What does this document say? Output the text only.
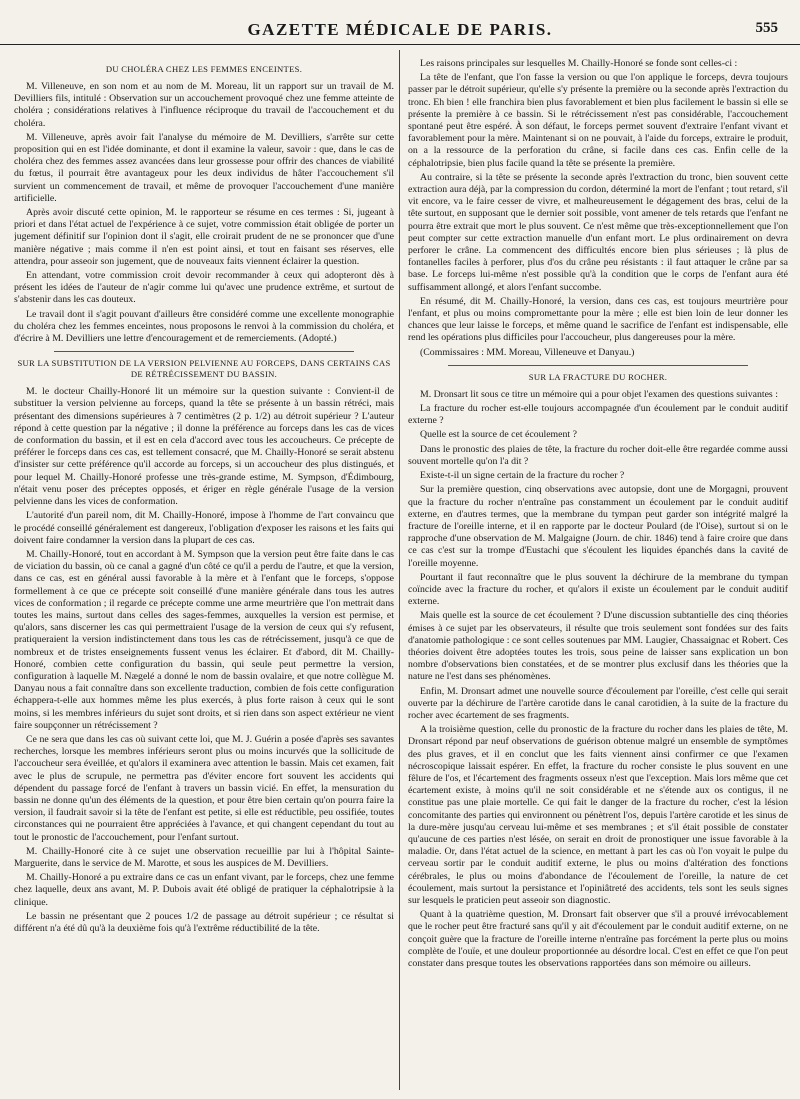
GAZETTE MÉDICALE DE PARIS.	555
DU CHOLÉRA CHEZ LES FEMMES ENCEINTES.

M. Villeneuve, en son nom et au nom de M. Moreau, lit un rapport sur un travail de M. Devilliers fils, intitulé : Observation sur un accouchement provoqué chez une femme atteinte de choléra ; considérations relatives à l'influence réciproque du travail de l'accouchement et du choléra.

M. Villeneuve, après avoir fait l'analyse du mémoire de M. Devilliers, s'arrête sur cette proposition qui en est l'idée dominante, et dont il examine la valeur, savoir : que, dans le cas de choléra chez des femmes assez avancées dans leur grossesse pour offrir des chances de viabilité du fœtus, il pourrait être avantageux pour les deux individus de hâter l'accouchement s'il survient un commencement de travail, et même de provoquer l'accouchement d'une manière artificielle.

Après avoir discuté cette opinion, M. le rapporteur se résume en ces termes : Si, jugeant à priori et dans l'état actuel de l'expérience à ce sujet, votre commission était obligée de porter un jugement définitif sur l'opinion dont il s'agit, elle croirait prudent de ne se prononcer que d'une manière négative ; mais comme il n'en est point ainsi, et tout en faisant ses réserves, elle attendra, pour asseoir son jugement, que de nouveaux faits viennent éclairer la question.

En attendant, votre commission croit devoir recommander à ceux qui adopteront dès à présent les idées de l'auteur de n'agir comme lui qu'avec une prudence extrême, et surtout de s'abstenir dans les cas douteux.

Le travail dont il s'agit pouvant d'ailleurs être considéré comme une excellente monographie du choléra chez les femmes enceintes, nous proposons le renvoi à la commission du choléra, et d'écrire à M. Devilliers une lettre d'encouragement et de remerciements. (Adopté.)

SUR LA SUBSTITUTION DE LA VERSION PELVIENNE AU FORCEPS, DANS CERTAINS CAS DE RÉTRÉCISSEMENT DU BASSIN.

M. le docteur Chailly-Honoré lit un mémoire sur la question suivante : Convient-il de substituer la version pelvienne au forceps, quand la tête se présente à un bassin rétréci, mais présentant des dimensions supérieures à 7 centimètres (2 p. 1/2) au détroit supérieur ? L'auteur répond à cette question par la négative ; il donne la préférence au forceps dans les cas de vices de conformation du bassin, et il est en cela d'accord avec tous les accoucheurs. Ce précepte de préférer le forceps dans ces cas, est tellement consacré, que M. Chailly-Honoré se serait abstenu d'insister sur cette préférence qu'il accorde au forceps, si un accoucheur des plus distingués, et pour lequel M. Chailly-Honoré professe une très-grande estime, M. Sympson, d'Édimbourg, n'était venu poser des préceptes opposés, et ériger en règle générale l'usage de la version pelvienne dans les vices de conformation.

L'autorité d'un pareil nom, dit M. Chailly-Honoré, impose à l'homme de l'art convaincu que le procédé conseillé généralement est dangereux, l'obligation d'exposer les raisons et les faits qui doivent faire condamner la version dans la plupart de ces cas.

M. Chailly-Honoré, tout en accordant à M. Sympson que la version peut être faite dans le cas de viciation du bassin, où ce canal a gagné d'un côté ce qu'il a perdu de l'autre, et que la version, dans ce cas, est en général aussi favorable à la mère et à l'enfant que le forceps, s'oppose formellement à ce que ce précepte soit conseillé d'une manière générale dans tous les autres vices de conformation ; il regarde ce précepte comme une arme meurtrière que l'on mettrait dans toutes les mains, surtout dans celles des sages-femmes, auxquelles la version est permise, et qu'alors, sans discerner les cas qui permettraient l'usage de la version de ceux qui s'y refusent, pratiqueraient la version indistinctement dans tous les cas de rétrécissement, jusqu'à ce que de nombreux et de tristes enseignements fussent venus les éclairer. Et d'abord, dit M. Chailly-Honoré, combien cette configuration du bassin, qui seule peut permettre la version, configuration à laquelle M. Nægelé a donné le nom de bassin ovalaire, et que notre collègue M. Danyau nous a fait connaître dans son excellente traduction, combien de fois cette configuration échappera-t-elle aux hommes même les plus exercés, à plus forte raison à ceux qui le sont moins, si les membres inférieurs du sujet sont droits, et si rien dans son aspect extérieur ne vient faire soupçonner un rétrécissement ?

Ce ne sera que dans les cas où suivant cette loi, que M. J. Guérin a posée d'après ses savantes recherches, lorsque les membres inférieurs seront plus ou moins incurvés que la sollicitude de l'accoucheur sera éveillée, et qu'alors il examinera avec attention le bassin. Mais cet examen, fait avec le plus de scrupule, ne permettra pas d'éviter encore fort souvent les accidents qui dépendent du passage forcé de l'enfant à travers un bassin vicié. En effet, la mensuration du bassin ne donne qu'un des éléments de la question, et pour être bien certain qu'on pourra faire la version, il faudrait savoir si la tête de l'enfant est petite, si elle est réductible, peu ossifiée, toutes circonstances qui ne pourraient être appréciées à l'avance, et qui changent cependant du tout au tout le pronostic de l'accouchement, pour l'enfant surtout.

M. Chailly-Honoré cite à ce sujet une observation recueillie par lui à l'hôpital Sainte-Marguerite, dans le service de M. Marotte, et sous les auspices de M. Devilliers.

M. Chailly-Honoré a pu extraire dans ce cas un enfant vivant, par le forceps, chez une femme chez laquelle, deux ans avant, M. P. Dubois avait été obligé de pratiquer la céphalotripsie à la clinique.

Le bassin ne présentant que 2 pouces 1/2 de passage au détroit supérieur ; ce résultat si différent n'a été dû qu'à la deuxième fois qu'à l'extrême réductibilité de la tête.

Les raisons principales sur lesquelles M. Chailly-Honoré se fonde sont celles-ci :

La tête de l'enfant, que l'on fasse la version ou que l'on applique le forceps, devra toujours passer par le détroit supérieur, qu'elle s'y présente la première ou la seconde après l'extraction du tronc. Eh bien ! elle franchira bien plus favorablement et bien plus facilement le bassin si elle se présente la première à ce bassin. Si le rétrécissement n'est pas considérable, l'accouchement spontané peut être espéré. À son défaut, le forceps permet souvent d'extraire l'enfant vivant et favorablement pour la mère. Maintenant si on ne pouvait, à l'aide du forceps, extraire le produit, on a la ressource de la perforation du crâne, si facile dans ces cas. Enfin celle de la céphalotripsie, bien plus facile quand la tête se présente la première.

Au contraire, si la tête se présente la seconde après l'extraction du tronc, bien souvent cette extraction aura déjà, par la compression du cordon, déterminé la mort de l'enfant ; tout retard, s'il vit encore, va le faire cesser de vivre, et malheureusement le dégagement des bras, celui de la tête surtout, en supposant que le dernier soit possible, vont amener de tels retards que l'enfant ne pourra être extrait que mort le plus souvent. Ce n'est même que très-exceptionnellement que l'on peut compter sur cette extraction manuelle d'un enfant mort. Le plus ordinairement on devra perforer le crâne. La commencent des difficultés encore bien plus sérieuses ; là plus de fontanelles faciles à perforer, plus d'os du crâne peu résistants : il faut attaquer le crâne par sa base. Le forceps lui-même n'est possible qu'à la condition que le corps de l'enfant aura été suffisamment allongé, et alors l'enfant succombe.

En résumé, dit M. Chailly-Honoré, la version, dans ces cas, est toujours meurtrière pour l'enfant, et plus ou moins compromettante pour la mère ; elle est bien loin de leur donner les chances que leur laisse le forceps, et même quand le sacrifice de l'enfant est indispensable, elle rend les opérations plus difficiles pour l'accoucheur, plus dangereuses pour la mère.

(Commissaires : MM. Moreau, Villeneuve et Danyau.)

SUR LA FRACTURE DU ROCHER.

M. Dronsart lit sous ce titre un mémoire qui a pour objet l'examen des questions suivantes :

La fracture du rocher est-elle toujours accompagnée d'un écoulement par le conduit auditif externe ?

Quelle est la source de cet écoulement ?

Dans le pronostic des plaies de tête, la fracture du rocher doit-elle être regardée comme aussi souvent mortelle qu'on l'a dit ?

Existe-t-il un signe certain de la fracture du rocher ?

Sur la première question, cinq observations avec autopsie, dont une de Morgagni, prouvent que la fracture du rocher n'entraîne pas constamment un écoulement par le conduit auditif externe, en d'autres termes, que la membrane du tympan peut garder son intégrité malgré la fracture de l'oreille interne, et il en rapporte par le docteur Poulard (de l'Oise), surtout si on le rapproche d'une observation de M. Malgaigne (Journ. de chir. 1846) tend à faire croire que dans ce cas c'est sur la trompe d'Eustachi que s'écoulent les liquides épanchés dans la cavité de l'oreille moyenne.

Pourtant il faut reconnaître que le plus souvent la déchirure de la membrane du tympan coïncide avec la fracture du rocher, et qu'alors il existe un écoulement par le conduit auditif externe.

Mais quelle est la source de cet écoulement ? D'une discussion subtantielle des cinq théories émises à ce sujet par les observateurs, il résulte que trois seulement sont fondées sur des faits d'anatomie pathologique : ce sont celles soutenues par MM. Laugier, Chassaignac et Robert. Ces théories doivent être adoptées toutes les trois, sous peine de laisser sans explication un bon nombre d'observations bien constatées, et de se montrer plus exclusif dans les théories que la nature ne l'est dans ses phénomènes.

Enfin, M. Dronsart admet une nouvelle source d'écoulement par l'oreille, c'est celle qui serait ouverte par la déchirure de l'artère carotide dans le canal carotidien, à la suite de la fracture du rocher avec écartement de ses fragments.

A la troisième question, celle du pronostic de la fracture du rocher dans les plaies de tête, M. Dronsart répond par neuf observations de guérison obtenue malgré un ensemble de symptômes des plus graves, et il en conclut que les faits viennent ainsi confirmer ce que l'examen nécroscopique laissait espérer. En effet, la fracture du rocher consiste le plus souvent en une fêlure de l'os, et l'écartement des fragments osseux n'est que l'exception. Mais lors même que cet écartement existe, à moins qu'il ne soit considérable et ne s'étende aux os contigus, il ne constitue pas une plaie mortelle. Ce qui fait le danger de la fracture du rocher, c'est la lésion concomitante des parties qui environnent ou pénètrent l'os, depuis l'artère carotide et les sinus de la dure-mère jusqu'au cerveau lui-même et ses membranes ; et s'il était possible de constater qu'aucune de ces parties n'est lésée, on serait en droit de pronostiquer une issue favorable à la maladie. Or, dans l'état actuel de la science, en mettant à part les cas où l'on voyait le pulpe du cerveau sortir par le conduit auditif externe, le plus ou moins d'altération des fonctions cérébrales, le plus ou moins d'abondance de l'écoulement de l'oreille, la nature de cet écoulement, mais surtout la persistance et l'opiniâtreté des accidents, tels sont les seuls signes sur lesquels le praticien peut asseoir son diagnostic.

Quant à la quatrième question, M. Dronsart fait observer que s'il a prouvé irrévocablement que le rocher peut être fracturé sans qu'il y ait d'écoulement par le conduit auditif externe, on ne conçoit guère que la fracture de l'oreille interne n'entraîne pas forcément la perte plus ou moins complète de l'ouïe, et une douleur proportionnée au désordre local. C'est en effet ce que l'on peut constater dans presque toutes les observations rapportées dans son mémoire ou ailleurs.
